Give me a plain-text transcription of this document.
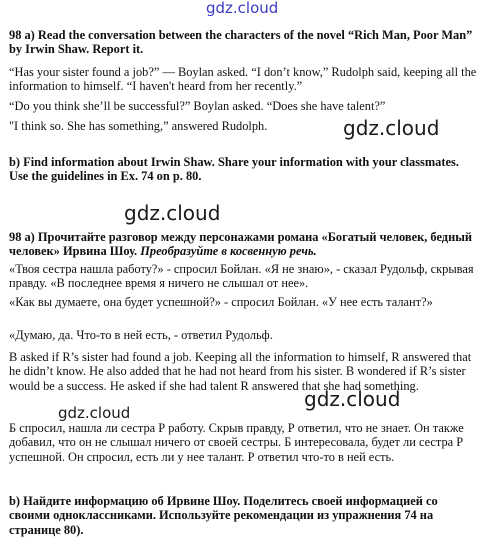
gdz.cloud

98 a) Read the conversation between the characters of the novel “Rich Man, Poor Man” by Irwin Shaw. Report it.

“Has your sister found a job?” — Boylan asked. “I don’t know,” Rudolph said, keeping all the information to himself. “I haven't heard from her recently.”

“Do you think she’ll be successful?” Boylan asked. “Does she have talent?”

"I think so. She has something,” answered Rudolph.	gdz.cloud

b) Find information about Irwin Shaw. Share your information with your classmates. Use the guidelines in Ex. 74 on p. 80.

gdz.cloud

98 а) Прочитайте разговор между персонажами романа «Богатый человек, бедный человек» Ирвина Шоу. Преобразуйте в косвенную речь.

«Твоя сестра нашла работу?» - спросил Бойлан. «Я не знаю», - сказал Рудольф, скрывая правду. «В последнее время я ничего не слышал от нее».

«Как вы думаете, она будет успешной?» - спросил Бойлан. «У нее есть талант?»

«Думаю, да. Что-то в ней есть, - ответил Рудольф.

B asked if R’s sister had found a job. Keeping all the information to himself, R answered that he didn’t know. He also added that he had not heard from his sister. B wondered if R’s sister would be a success. He asked if she had talent R answered that she had something.

gdz.cloud
gdz.cloud

Б спросил, нашла ли сестра Р работу. Скрыв правду, Р ответил, что не знает. Он также добавил, что он не слышал ничего от своей сестры. Б интересовала, будет ли сестра Р успешной. Он спросил, есть ли у нее талант. Р ответил что-то в ней есть.

b) Найдите информацию об Ирвине Шоу. Поделитесь своей информацией со своими одноклассниками. Используйте рекомендации из упражнения 74 на странице 80).
